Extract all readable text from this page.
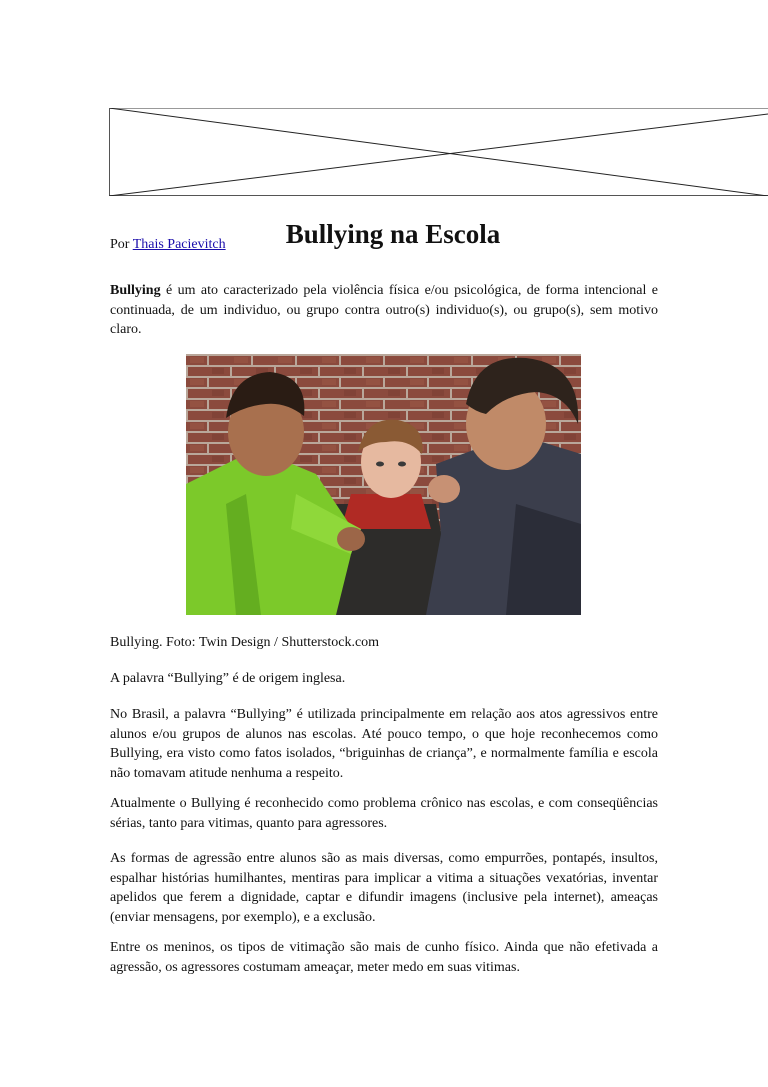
Bullying na Escola
Por Thais Pacievitch

Bullying é um ato caracterizado pela violência física e/ou psicológica, de forma intencional e continuada, de um individuo, ou grupo contra outro(s) individuo(s), ou grupo(s), sem motivo claro.

Bullying. Foto: Twin Design / Shutterstock.com

A palavra “Bullying” é de origem inglesa.

No Brasil, a palavra “Bullying” é utilizada principalmente em relação aos atos agressivos entre alunos e/ou grupos de alunos nas escolas. Até pouco tempo, o que hoje reconhecemos como Bullying, era visto como fatos isolados, “briguinhas de criança”, e normalmente família e escola não tomavam atitude nenhuma a respeito.

Atualmente o Bullying é reconhecido como problema crônico nas escolas, e com conseqüências sérias, tanto para vitimas, quanto para agressores.

As formas de agressão entre alunos são as mais diversas, como empurrões, pontapés, insultos, espalhar histórias humilhantes, mentiras para implicar a vitima a situações vexatórias, inventar apelidos que ferem a dignidade, captar e difundir imagens (inclusive pela internet), ameaças (enviar mensagens, por exemplo), e a exclusão.

Entre os meninos, os tipos de vitimação são mais de cunho físico. Ainda que não efetivada a agressão, os agressores costumam ameaçar, meter medo em suas vitimas.
